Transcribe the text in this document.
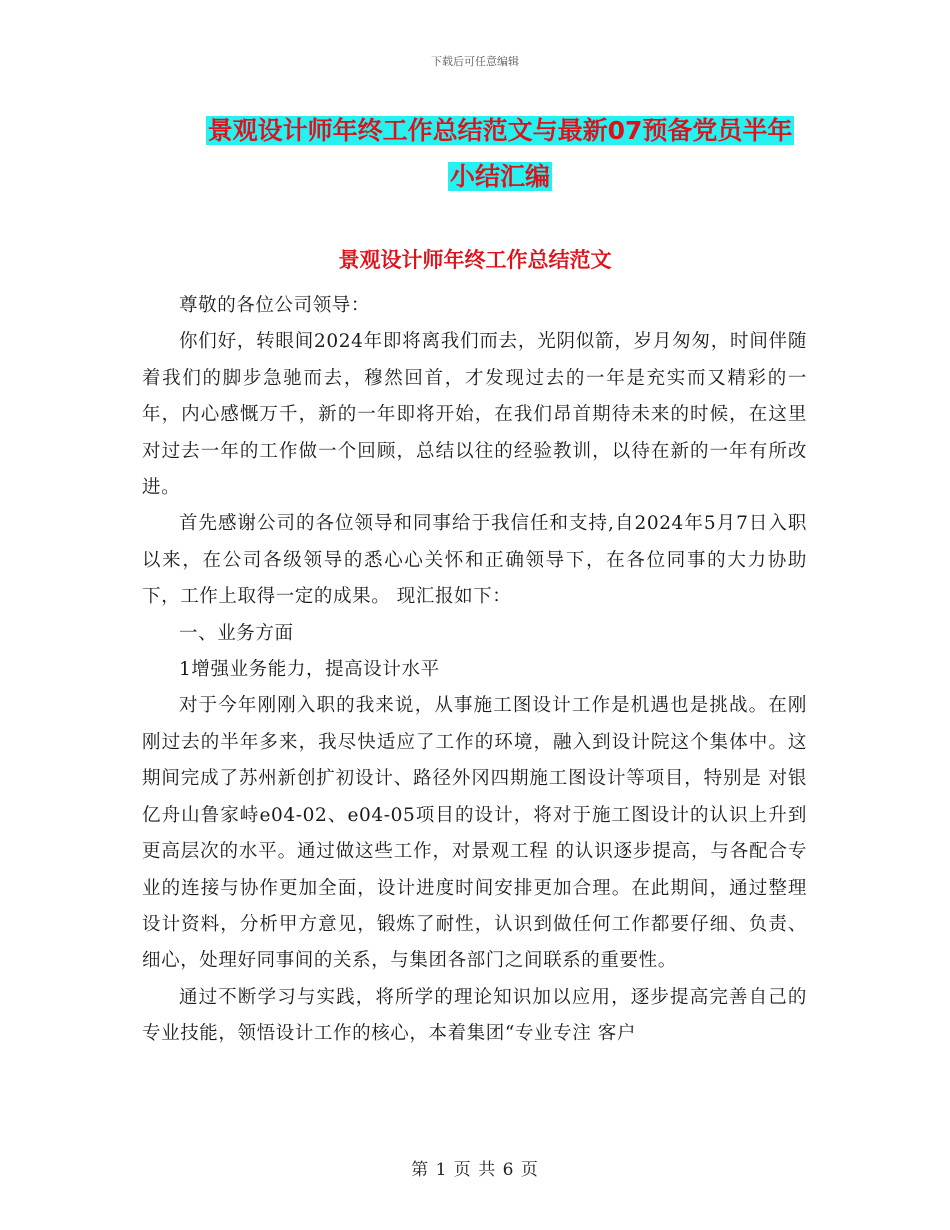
下载后可任意编辑
景观设计师年终工作总结范文与最新07预备党员半年
小结汇编
景观设计师年终工作总结范文

尊敬的各位公司领导：

你们好，转眼间2024年即将离我们而去，光阴似箭，岁月匆匆，时间伴随着我们的脚步急驰而去，穆然回首，才发现过去的一年是充实而又精彩的一年，内心感慨万千，新的一年即将开始，在我们昂首期待未来的时候，在这里对过去一年的工作做一个回顾，总结以往的经验教训，以待在新的一年有所改进。

首先感谢公司的各位领导和同事给于我信任和支持,自2024年5月7日入职以来，在公司各级领导的悉心心关怀和正确领导下，在各位同事的大力协助下，工作上取得一定的成果。 现汇报如下：

一、业务方面

1增强业务能力，提高设计水平

对于今年刚刚入职的我来说，从事施工图设计工作是机遇也是挑战。在刚刚过去的半年多来，我尽快适应了工作的环境，融入到设计院这个集体中。这期间完成了苏州新创扩初设计、路径外冈四期施工图设计等项目，特别是 对银亿舟山鲁家峙e04-02、e04-05项目的设计，将对于施工图设计的认识上升到更高层次的水平。通过做这些工作，对景观工程 的认识逐步提高，与各配合专业的连接与协作更加全面，设计进度时间安排更加合理。在此期间，通过整理设计资料，分析甲方意见，锻炼了耐性，认识到做任何工作都要仔细、负责、细心，处理好同事间的关系，与集团各部门之间联系的重要性。

通过不断学习与实践，将所学的理论知识加以应用，逐步提高完善自己的专业技能，领悟设计工作的核心，本着集团“专业专注 客户

第 1 页 共 6 页
